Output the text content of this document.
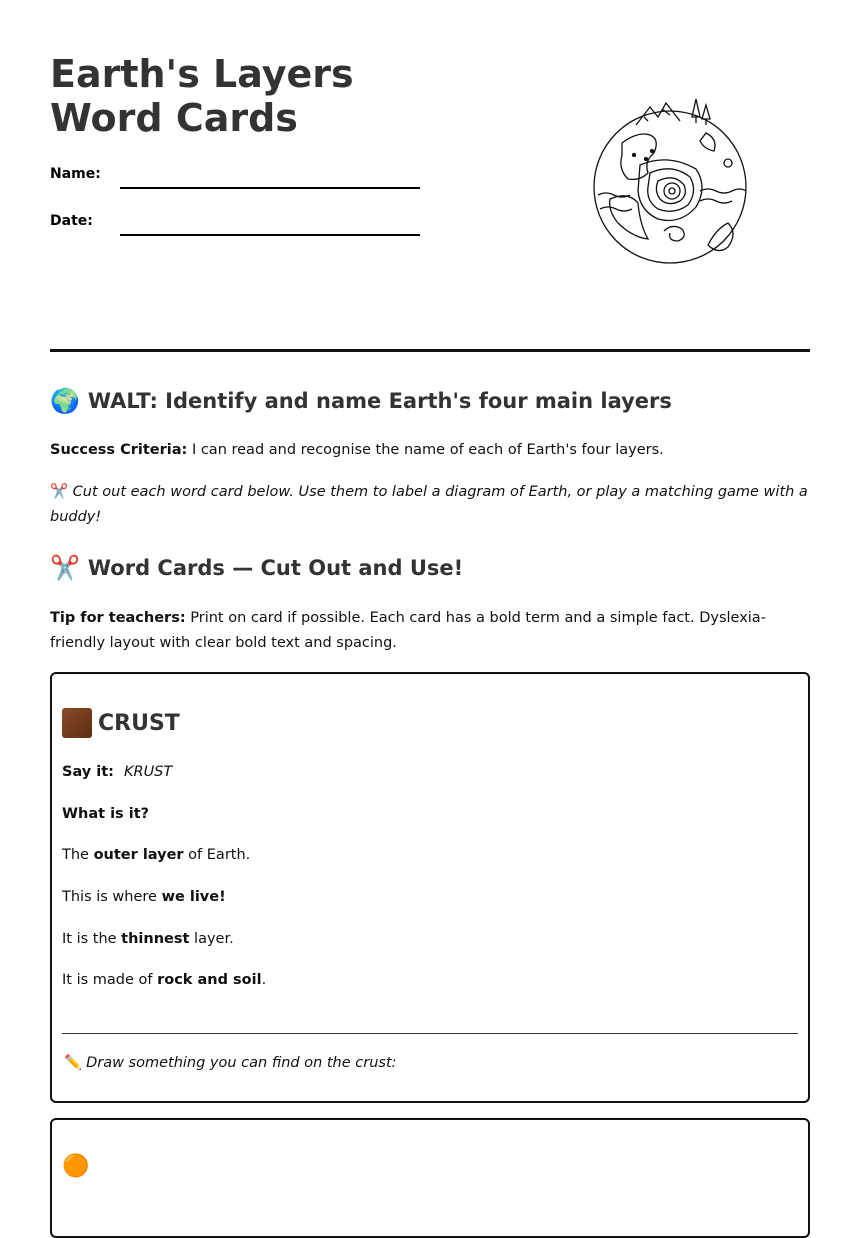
Earth's Layers Word Cards
Name:
Date:
🌍 WALT: Identify and name Earth's four main layers
Success Criteria: I can read and recognise the name of each of Earth's four layers.
✂️ Cut out each word card below. Use them to label a diagram of Earth, or play a matching game with a buddy!
✂️ Word Cards — Cut Out and Use!
Tip for teachers: Print on card if possible. Each card has a bold term and a simple fact. Dyslexia-friendly layout with clear bold text and spacing.
CRUST
Say it: KRUST
What is it?
The outer layer of Earth.
This is where we live!
It is the thinnest layer.
It is made of rock and soil.
✏️ Draw something you can find on the crust:
🟠
